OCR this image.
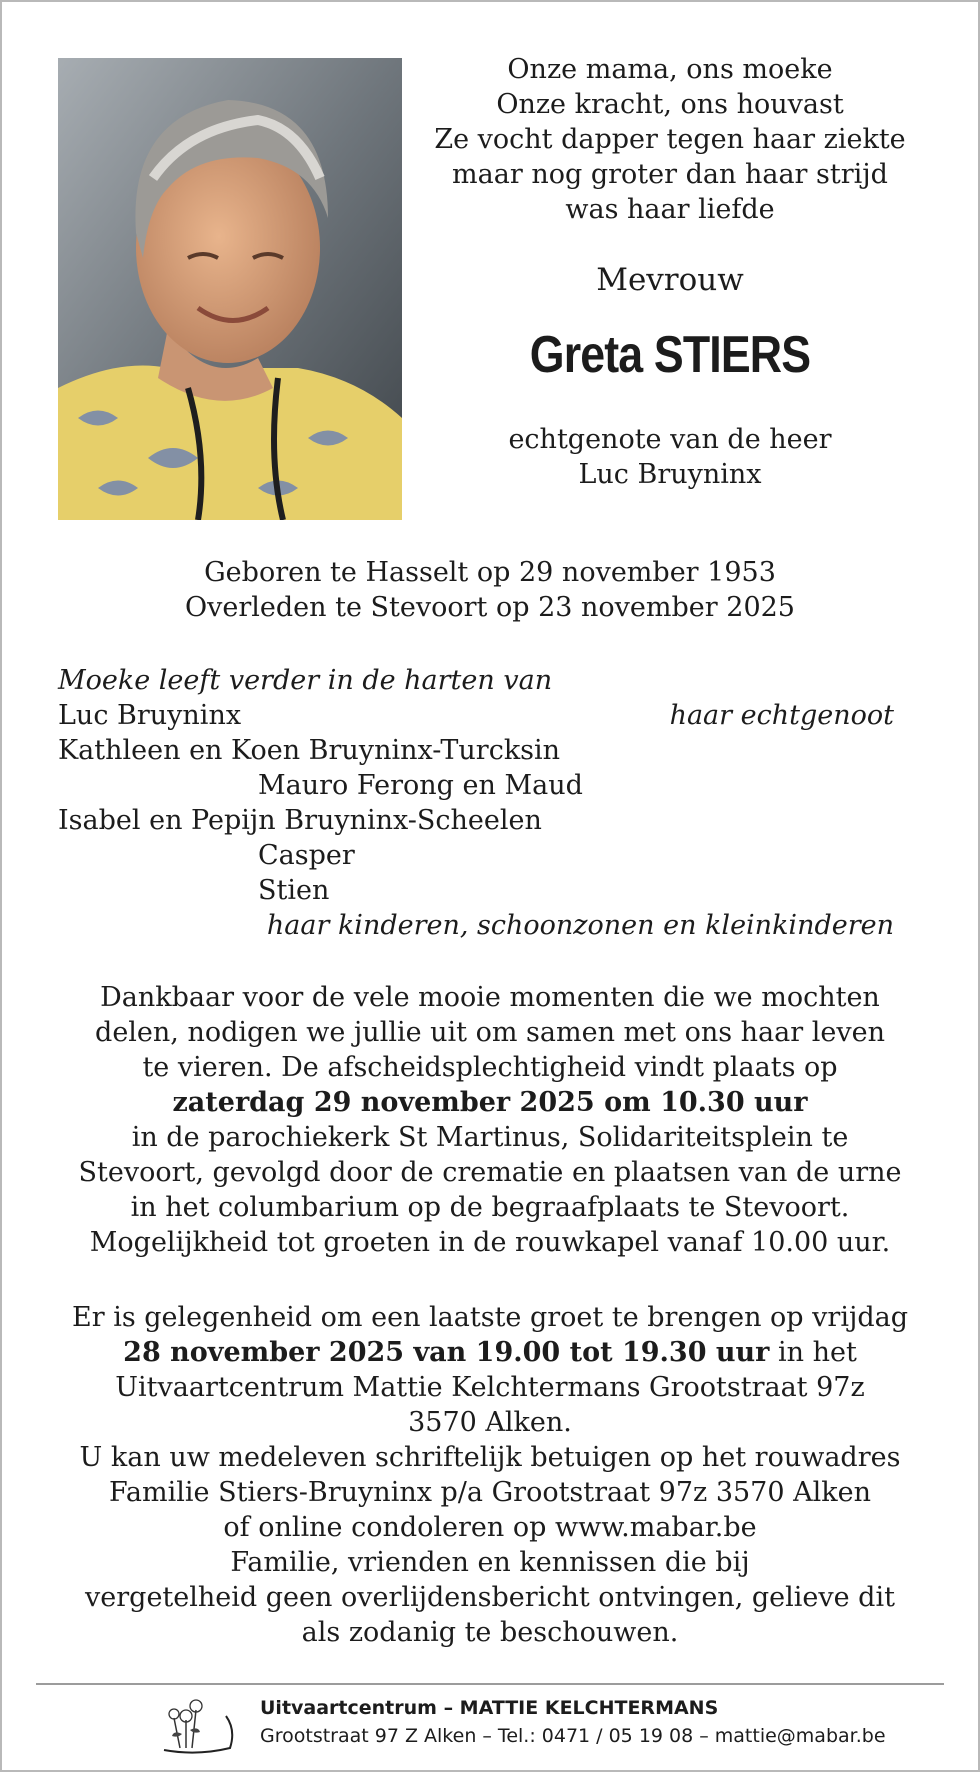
Onze mama, ons moeke
Onze kracht, ons houvast
Ze vocht dapper tegen haar ziekte
maar nog groter dan haar strijd
was haar liefde
Mevrouw
Greta STIERS
echtgenote van de heer
Luc Bruyninx
Geboren te Hasselt op 29 november 1953
Overleden te Stevoort op 23 november 2025
Moeke leeft verder in de harten van
Luc Bruyninx	haar echtgenoot
Kathleen en Koen Bruyninx-Turcksin
Mauro Ferong en Maud
Isabel en Pepijn Bruyninx-Scheelen
Casper
Stien
haar kinderen, schoonzonen en kleinkinderen
Dankbaar voor de vele mooie momenten die we mochten
delen, nodigen we jullie uit om samen met ons haar leven
te vieren. De afscheidsplechtigheid vindt plaats op
zaterdag 29 november 2025 om 10.30 uur
in de parochiekerk St Martinus, Solidariteitsplein te
Stevoort, gevolgd door de crematie en plaatsen van de urne
in het columbarium op de begraafplaats te Stevoort.
Mogelijkheid tot groeten in de rouwkapel vanaf 10.00 uur.
Er is gelegenheid om een laatste groet te brengen op vrijdag
28 november 2025 van 19.00 tot 19.30 uur in het
Uitvaartcentrum Mattie Kelchtermans Grootstraat 97z
3570 Alken.
U kan uw medeleven schriftelijk betuigen op het rouwadres
Familie Stiers-Bruyninx p/a Grootstraat 97z 3570 Alken
of online condoleren op www.mabar.be
Familie, vrienden en kennissen die bij
vergetelheid geen overlijdensbericht ontvingen, gelieve dit
als zodanig te beschouwen.
Uitvaartcentrum – MATTIE KELCHTERMANS
Grootstraat 97 Z Alken – Tel.: 0471 / 05 19 08 – mattie@mabar.be
